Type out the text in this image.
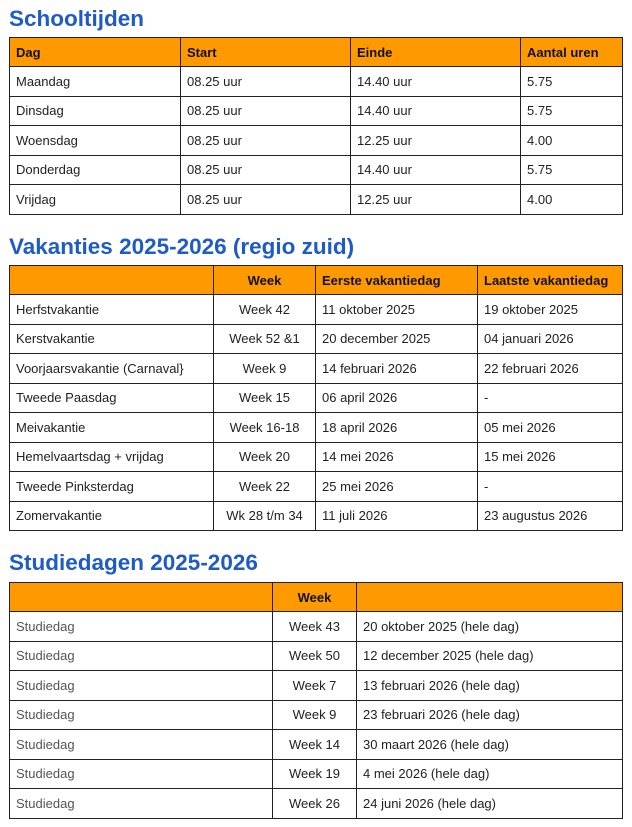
Schooltijden
Dag	Start	Einde	Aantal uren
Maandag	08.25 uur	14.40 uur	5.75
Dinsdag	08.25 uur	14.40 uur	5.75
Woensdag	08.25 uur	12.25 uur	4.00
Donderdag	08.25 uur	14.40 uur	5.75
Vrijdag	08.25 uur	12.25 uur	4.00
Vakanties 2025-2026 (regio zuid)
	Week	Eerste vakantiedag	Laatste vakantiedag
Herfstvakantie	Week 42	11 oktober 2025	19 oktober 2025
Kerstvakantie	Week 52 &1	20 december 2025	04 januari 2026
Voorjaarsvakantie (Carnaval}	Week 9	14 februari 2026	22 februari 2026
Tweede Paasdag	Week 15	06 april 2026	-
Meivakantie	Week 16-18	18 april 2026	05 mei 2026
Hemelvaartsdag + vrijdag	Week 20	14 mei 2026	15 mei 2026
Tweede Pinksterdag	Week 22	25 mei 2026	-
Zomervakantie	Wk 28 t/m 34	11 juli 2026	23 augustus 2026
Studiedagen 2025-2026
	Week	
Studiedag	Week 43	20 oktober 2025 (hele dag)
Studiedag	Week 50	12 december 2025 (hele dag)
Studiedag	Week 7	13 februari 2026 (hele dag)
Studiedag	Week 9	23 februari 2026 (hele dag)
Studiedag	Week 14	30 maart 2026 (hele dag)
Studiedag	Week 19	4 mei 2026 (hele dag)
Studiedag	Week 26	24 juni 2026 (hele dag)
